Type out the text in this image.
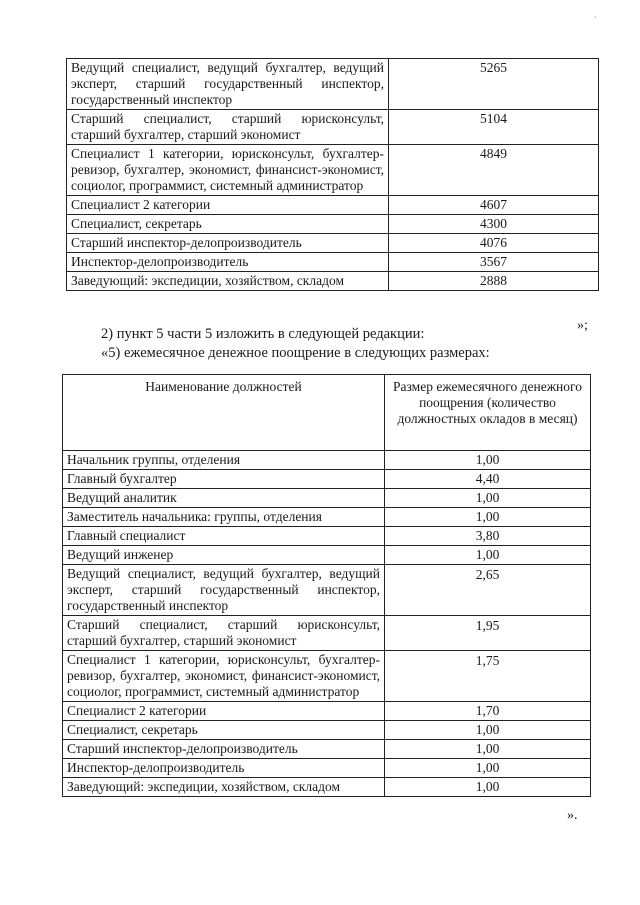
`
Ведущий специалист, ведущий бухгалтер, ведущий эксперт, старший государственный инспектор, государственный инспектор	5265
Старший специалист, старший юрисконсульт, старший бухгалтер, старший экономист	5104
Специалист 1 категории, юрисконсульт, бухгалтер-ревизор, бухгалтер, экономист, финансист-экономист, социолог, программист, системный администратор	4849
Специалист 2 категории	4607
Специалист, секретарь	4300
Старший инспектор-делопроизводитель	4076
Инспектор-делопроизводитель	3567
Заведующий: экспедиции, хозяйством, складом	2888
»;
2) пункт 5 части 5 изложить в следующей редакции:
«5) ежемесячное денежное поощрение в следующих размерах:
Наименование должностей	Размер ежемесячного денежного поощрения (количество должностных окладов в месяц)
Начальник группы, отделения	1,00
Главный бухгалтер	4,40
Ведущий аналитик	1,00
Заместитель начальника: группы, отделения	1,00
Главный специалист	3,80
Ведущий инженер	1,00
Ведущий специалист, ведущий бухгалтер, ведущий эксперт, старший государственный инспектор, государственный инспектор	2,65
Старший специалист, старший юрисконсульт, старший бухгалтер, старший экономист	1,95
Специалист 1 категории, юрисконсульт, бухгалтер-ревизор, бухгалтер, экономист, финансист-экономист, социолог, программист, системный администратор	1,75
Специалист 2 категории	1,70
Специалист, секретарь	1,00
Старший инспектор-делопроизводитель	1,00
Инспектор-делопроизводитель	1,00
Заведующий: экспедиции, хозяйством, складом	1,00
».
